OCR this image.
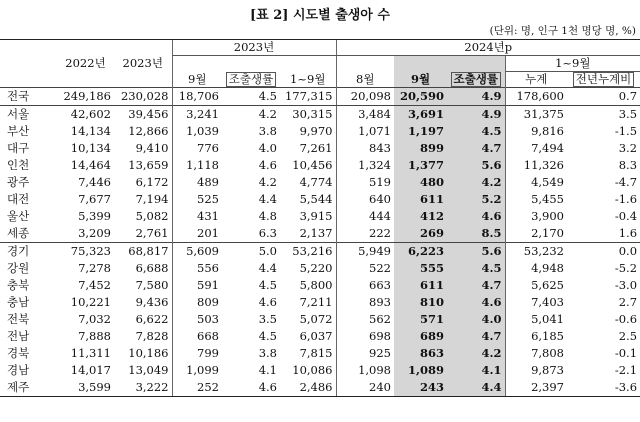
[표 2] 시도별 출생아 수
(단위: 명, 인구 1천 명당 명, %)
	2022년	2023년	2023년			2024년p				
			9월	조출생률	1~9월	8월	9월	조출생률	1~9월	
									누계	전년누계비
전국	249,186	230,028	18,706	4.5	177,315	20,098	20,590	4.9	178,600	0.7
서울	42,602	39,456	3,241	4.2	30,315	3,484	3,691	4.9	31,375	3.5
부산	14,134	12,866	1,039	3.8	9,970	1,071	1,197	4.5	9,816	-1.5
대구	10,134	9,410	776	4.0	7,261	843	899	4.7	7,494	3.2
인천	14,464	13,659	1,118	4.6	10,456	1,324	1,377	5.6	11,326	8.3
광주	7,446	6,172	489	4.2	4,774	519	480	4.2	4,549	-4.7
대전	7,677	7,194	525	4.4	5,544	640	611	5.2	5,455	-1.6
울산	5,399	5,082	431	4.8	3,915	444	412	4.6	3,900	-0.4
세종	3,209	2,761	201	6.3	2,137	222	269	8.5	2,170	1.6
경기	75,323	68,817	5,609	5.0	53,216	5,949	6,223	5.6	53,232	0.0
강원	7,278	6,688	556	4.4	5,220	522	555	4.5	4,948	-5.2
충북	7,452	7,580	591	4.5	5,800	663	611	4.7	5,625	-3.0
충남	10,221	9,436	809	4.6	7,211	893	810	4.6	7,403	2.7
전북	7,032	6,622	503	3.5	5,072	562	571	4.0	5,041	-0.6
전남	7,888	7,828	668	4.5	6,037	698	689	4.7	6,185	2.5
경북	11,311	10,186	799	3.8	7,815	925	863	4.2	7,808	-0.1
경남	14,017	13,049	1,099	4.1	10,086	1,098	1,089	4.1	9,873	-2.1
제주	3,599	3,222	252	4.6	2,486	240	243	4.4	2,397	-3.6
